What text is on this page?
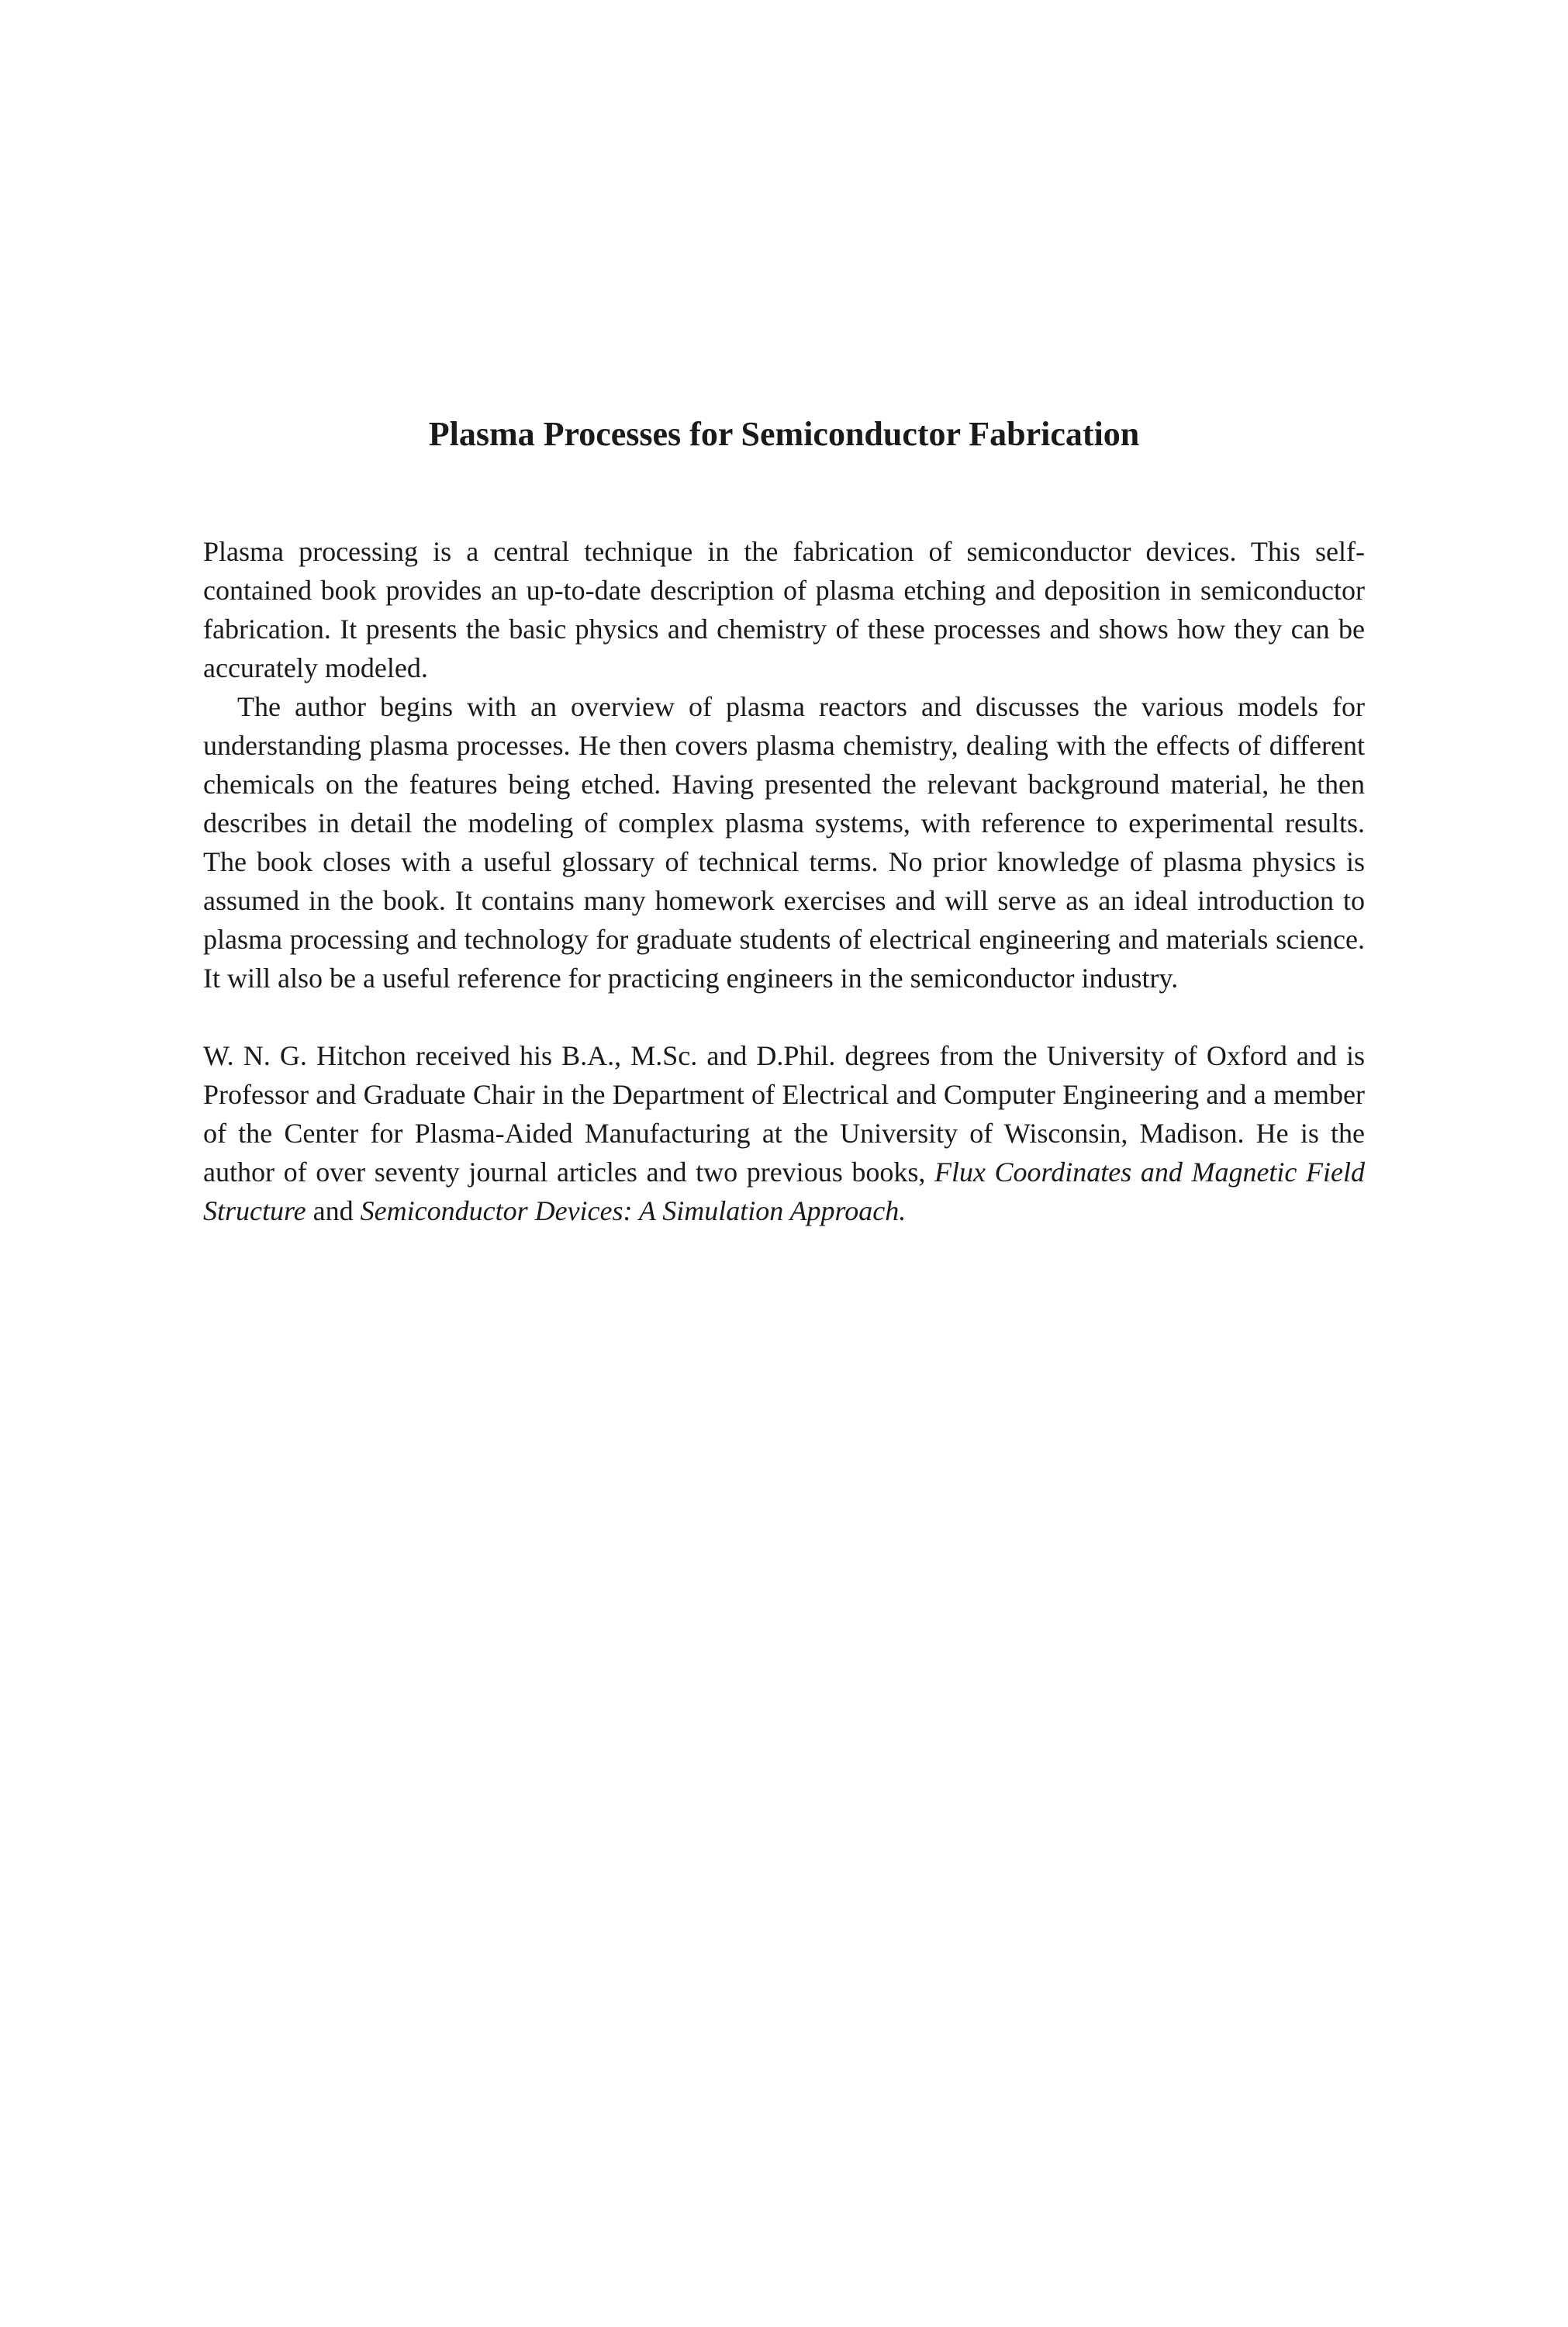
Plasma Processes for Semiconductor Fabrication

Plasma processing is a central technique in the fabrication of semiconductor devices. This self-contained book provides an up-to-date description of plasma etching and deposition in semiconductor fabrication. It presents the basic physics and chemistry of these processes and shows how they can be accurately modeled.

The author begins with an overview of plasma reactors and discusses the various models for understanding plasma processes. He then covers plasma chemistry, dealing with the effects of different chemicals on the features being etched. Having presented the relevant background material, he then describes in detail the modeling of complex plasma systems, with reference to experimental results. The book closes with a useful glossary of technical terms. No prior knowledge of plasma physics is assumed in the book. It contains many homework exercises and will serve as an ideal introduction to plasma processing and technology for graduate students of electrical engineering and materials science. It will also be a useful reference for practicing engineers in the semiconductor industry.

W. N. G. Hitchon received his B.A., M.Sc. and D.Phil. degrees from the University of Oxford and is Professor and Graduate Chair in the Department of Electrical and Computer Engineering and a member of the Center for Plasma-Aided Manufacturing at the University of Wisconsin, Madison. He is the author of over seventy journal articles and two previous books, Flux Coordinates and Magnetic Field Structure and Semiconductor Devices: A Simulation Approach.
